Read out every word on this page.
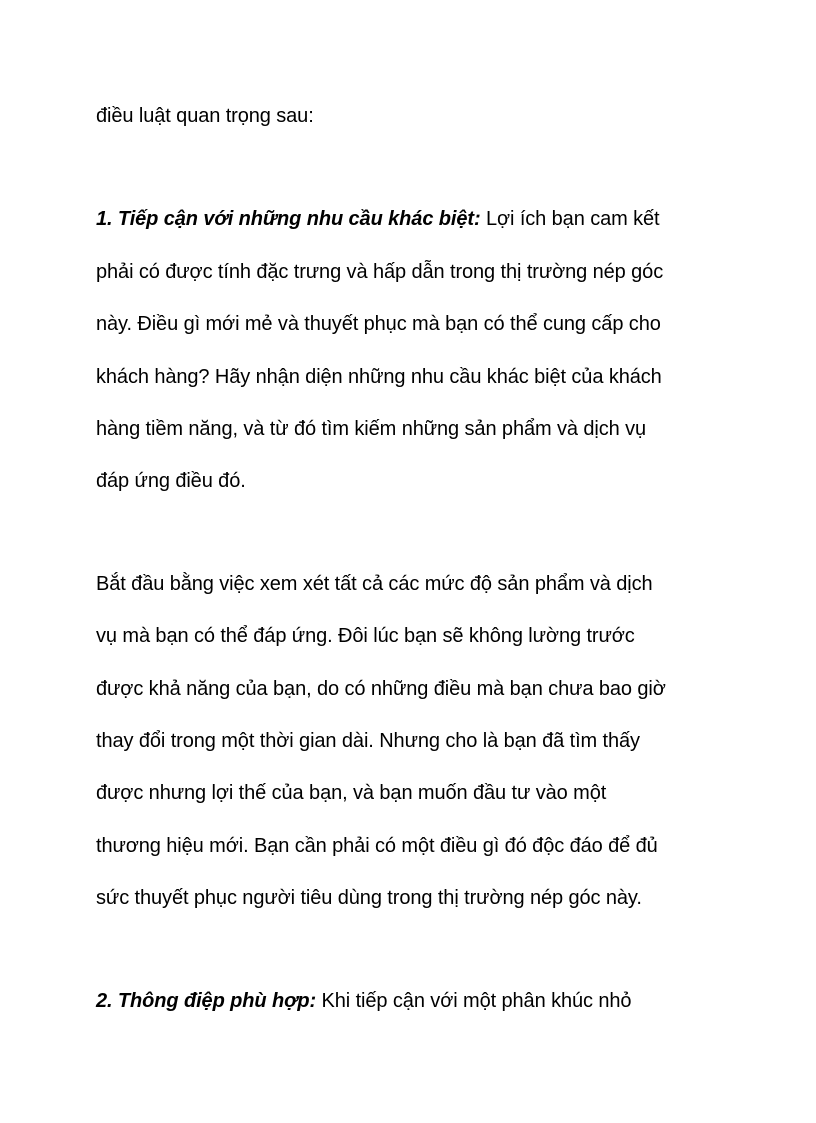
điều luật quan trọng sau:
1. Tiếp cận với những nhu cầu khác biệt: Lợi ích bạn cam kết
phải có được tính đặc trưng và hấp dẫn trong thị trường nép góc
này. Điều gì mới mẻ và thuyết phục mà bạn có thể cung cấp cho
khách hàng? Hãy nhận diện những nhu cầu khác biệt của khách
hàng tiềm năng, và từ đó tìm kiếm những sản phẩm và dịch vụ
đáp ứng điều đó.
Bắt đầu bằng việc xem xét tất cả các mức độ sản phẩm và dịch
vụ mà bạn có thể đáp ứng. Đôi lúc bạn sẽ không lường trước
được khả năng của bạn, do có những điều mà bạn chưa bao giờ
thay đổi trong một thời gian dài. Nhưng cho là bạn đã tìm thấy
được nhưng lợi thế của bạn, và bạn muốn đầu tư vào một
thương hiệu mới. Bạn cần phải có một điều gì đó độc đáo để đủ
sức thuyết phục người tiêu dùng trong thị trường nép góc này.
2. Thông điệp phù hợp: Khi tiếp cận với một phân khúc nhỏ
